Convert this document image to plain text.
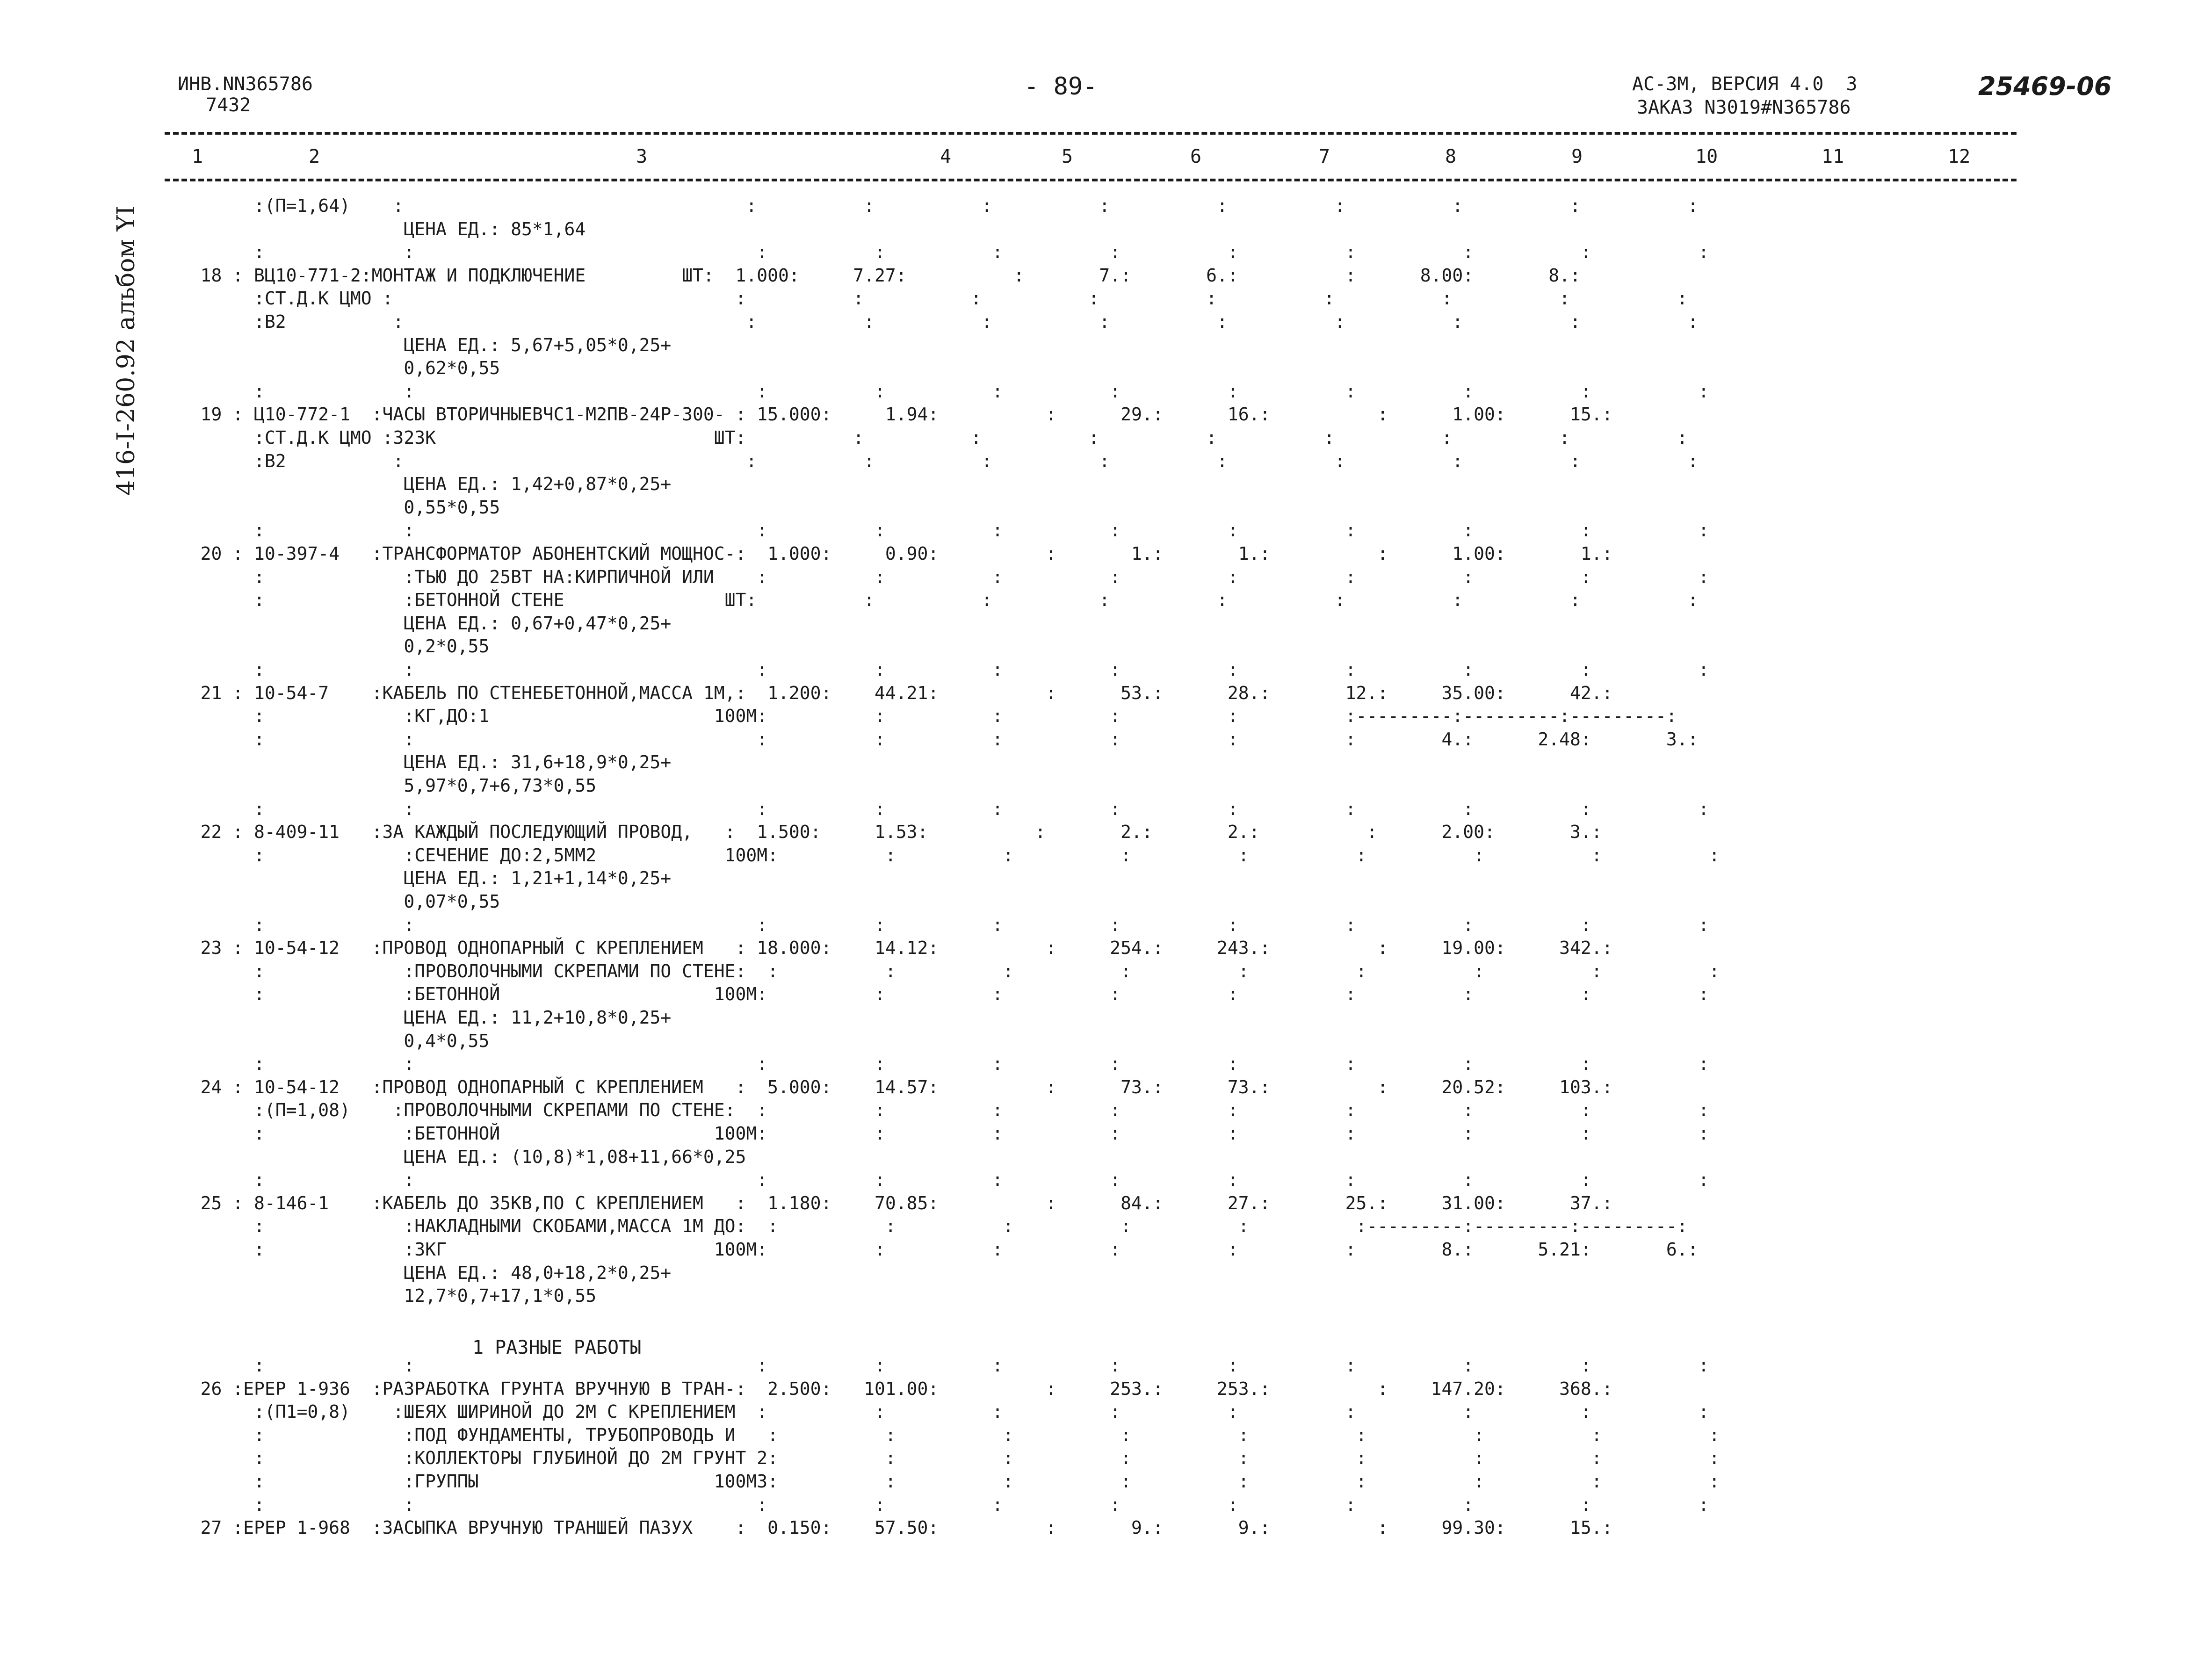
ИНВ.NN365786
7432
- 89-	AC-3M, ВЕРСИЯ 4.0  3
ЗАКАЗ N3019#N365786
25469-06
416-I-260.92 альбом YI
1	2	3	4	5	6	7	8	9	10	11	12
1 РАЗНЫЕ РАБОТЫ
:(П=1,64)    :                                :          :          :          :          :          :          :          :          :
ЦЕНА ЕД.: 85*1,64
:             :                                :          :          :          :          :          :          :          :          :
18 : ВЦ10-771-2:МОНТАЖ И ПОДКЛЮЧЕНИЕ         ШТ:  1.000:     7.27:          :       7.:       6.:          :      8.00:       8.:
:СТ.Д.К ЦМО :                                :          :          :          :          :          :          :          :          :
:В2          :                                :          :          :          :          :          :          :          :          :
ЦЕНА ЕД.: 5,67+5,05*0,25+
0,62*0,55
:             :                                :          :          :          :          :          :          :          :          :
19 : Ц10-772-1  :ЧАСЫ ВТОРИЧНЫЕВЧС1-М2ПВ-24Р-300- : 15.000:     1.94:          :      29.:      16.:          :      1.00:      15.:
:СТ.Д.К ЦМО :323К                          ШТ:          :          :          :          :          :          :          :          :
:В2          :                                :          :          :          :          :          :          :          :          :
ЦЕНА ЕД.: 1,42+0,87*0,25+
0,55*0,55
:             :                                :          :          :          :          :          :          :          :          :
20 : 10-397-4   :ТРАНСФОРМАТОР АБОНЕНТСКИЙ МОЩНОС-:  1.000:     0.90:          :       1.:       1.:          :      1.00:       1.:
:             :ТЬЮ ДО 25ВТ НА:КИРПИЧНОЙ ИЛИ    :          :          :          :          :          :          :          :          :
:             :БЕТОННОЙ СТЕНЕ               ШТ:          :          :          :          :          :          :          :          :
ЦЕНА ЕД.: 0,67+0,47*0,25+
0,2*0,55
:             :                                :          :          :          :          :          :          :          :          :
21 : 10-54-7    :КАБЕЛЬ ПО СТЕНЕБЕТОННОЙ,МАССА 1М,:  1.200:    44.21:          :      53.:      28.:       12.:     35.00:      42.:
:             :КГ,ДО:1                     100М:          :          :          :          :          :---------:---------:---------:
:             :                                :          :          :          :          :          :        4.:      2.48:       3.:
ЦЕНА ЕД.: 31,6+18,9*0,25+
5,97*0,7+6,73*0,55
:             :                                :          :          :          :          :          :          :          :          :
22 : 8-409-11   :ЗА КАЖДЫЙ ПОСЛЕДУЮЩИЙ ПРОВОД,   :  1.500:     1.53:          :       2.:       2.:          :      2.00:       3.:
:             :СЕЧЕНИЕ ДО:2,5ММ2            100М:          :          :          :          :          :          :          :          :
ЦЕНА ЕД.: 1,21+1,14*0,25+
0,07*0,55
:             :                                :          :          :          :          :          :          :          :          :
23 : 10-54-12   :ПРОВОД ОДНОПАРНЫЙ С КРЕПЛЕНИЕМ   : 18.000:    14.12:          :     254.:     243.:          :     19.00:     342.:
:             :ПРОВОЛОЧНЫМИ СКРЕПАМИ ПО СТЕНЕ:  :          :          :          :          :          :          :          :          :
:             :БЕТОННОЙ                    100М:          :          :          :          :          :          :          :          :
ЦЕНА ЕД.: 11,2+10,8*0,25+
0,4*0,55
:             :                                :          :          :          :          :          :          :          :          :
24 : 10-54-12   :ПРОВОД ОДНОПАРНЫЙ С КРЕПЛЕНИЕМ   :  5.000:    14.57:          :      73.:      73.:          :     20.52:     103.:
:(П=1,08)    :ПРОВОЛОЧНЫМИ СКРЕПАМИ ПО СТЕНЕ:  :          :          :          :          :          :          :          :          :
:             :БЕТОННОЙ                    100М:          :          :          :          :          :          :          :          :
ЦЕНА ЕД.: (10,8)*1,08+11,66*0,25
:             :                                :          :          :          :          :          :          :          :          :
25 : 8-146-1    :КАБЕЛЬ ДО 35КВ,ПО С КРЕПЛЕНИЕМ   :  1.180:    70.85:          :      84.:      27.:       25.:     31.00:      37.:
:             :НАКЛАДНЫМИ СКОБАМИ,МАССА 1М ДО:  :          :          :          :          :          :---------:---------:---------:
:             :3КГ                         100М:          :          :          :          :          :        8.:      5.21:       6.:
ЦЕНА ЕД.: 48,0+18,2*0,25+
12,7*0,7+17,1*0,55
:             :                                :          :          :          :          :          :          :          :          :
26 :ЕРЕР 1-936  :РАЗРАБОТКА ГРУНТА ВРУЧНУЮ В ТРАН-:  2.500:   101.00:          :     253.:     253.:          :    147.20:     368.:
:(П1=0,8)    :ШЕЯХ ШИРИНОЙ ДО 2М С КРЕПЛЕНИЕМ  :          :          :          :          :          :          :          :          :
:             :ПОД ФУНДАМЕНТЫ, ТРУБОПРОВОДЬ И   :          :          :          :          :          :          :          :          :
:             :КОЛЛЕКТОРЫ ГЛУБИНОЙ ДО 2М ГРУНТ 2:          :          :          :          :          :          :          :          :
:             :ГРУППЫ                      100М3:          :          :          :          :          :          :          :          :
:             :                                :          :          :          :          :          :          :          :          :
27 :ЕРЕР 1-968  :ЗАСЫПКА ВРУЧНУЮ ТРАНШЕЙ ПАЗУХ    :  0.150:    57.50:          :       9.:       9.:          :     99.30:      15.:
